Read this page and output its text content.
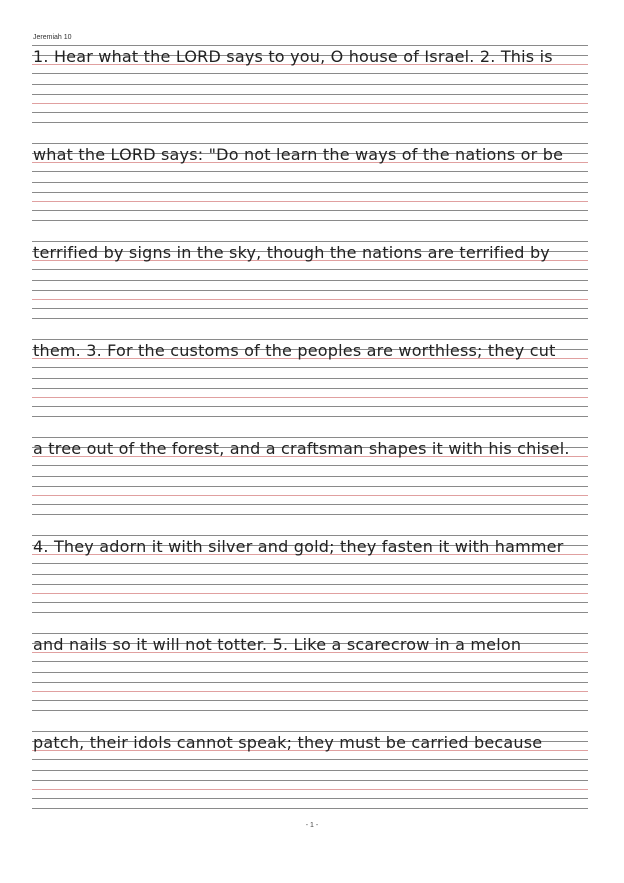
Jeremiah 10
1. Hear what the LORD says to you, O house of Israel. 2. This is
what the LORD says: "Do not learn the ways of the nations or be
terrified by signs in the sky, though the nations are terrified by
them. 3. For the customs of the peoples are worthless; they cut
a tree out of the forest, and a craftsman shapes it with his chisel.
4. They adorn it with silver and gold; they fasten it with hammer
and nails so it will not totter. 5. Like a scarecrow in a melon
patch, their idols cannot speak; they must be carried because
- 1 -
